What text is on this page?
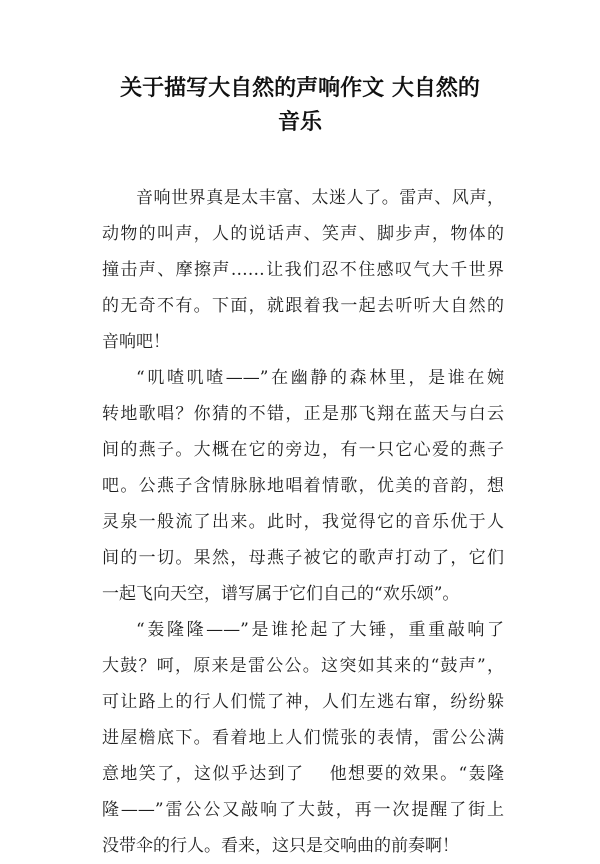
关于描写大自然的声响作文 大自然的
音乐
音响世界真是太丰富、太迷人了。雷声、风声，
动物的叫声，人的说话声、笑声、脚步声，物体的
撞击声、摩擦声……让我们忍不住感叹气大千世界
的无奇不有。下面，就跟着我一起去听听大自然的
音响吧！
“叽喳叽喳——”在幽静的森林里，是谁在婉
转地歌唱？你猜的不错，正是那飞翔在蓝天与白云
间的燕子。大概在它的旁边，有一只它心爱的燕子
吧。公燕子含情脉脉地唱着情歌，优美的音韵，想
灵泉一般流了出来。此时，我觉得它的音乐优于人
间的一切。果然，母燕子被它的歌声打动了，它们
一起飞向天空，谱写属于它们自己的“欢乐颂”。
“轰隆隆——”是谁抡起了大锤，重重敲响了
大鼓？呵，原来是雷公公。这突如其来的“鼓声”，
可让路上的行人们慌了神，人们左逃右窜，纷纷躲
进屋檐底下。看着地上人们慌张的表情，雷公公满
意地笑了，这似乎达到了　 他想要的效果。“轰隆
隆——”雷公公又敲响了大鼓，再一次提醒了街上
没带伞的行人。看来，这只是交响曲的前奏啊！
